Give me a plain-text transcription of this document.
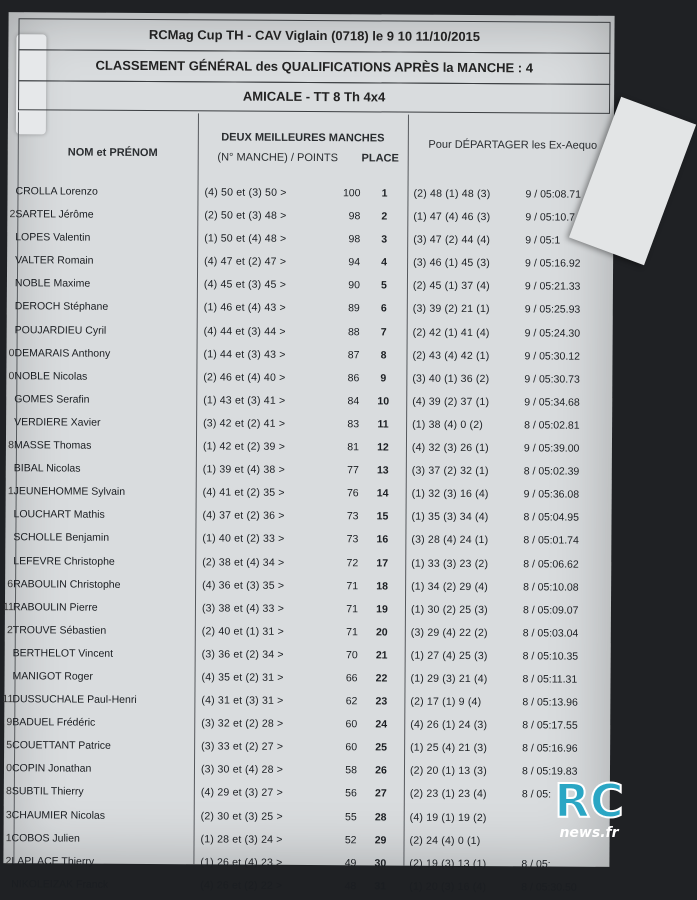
RCMag Cup TH - CAV Viglain (0718) le 9 10 11/10/2015
CLASSEMENT GÉNÉRAL des QUALIFICATIONS APRÈS la MANCHE : 4
AMICALE - TT 8 Th 4x4
NOM et PRÉNOM
DEUX MEILLEURES MANCHES
(N° MANCHE) / POINTS	PLACE
Pour DÉPARTAGER les Ex-Aequo
CROLLA Lorenzo	(4) 50 et (3) 50 >	100	1	(2) 48 (1) 48 (3)	9 / 05:08.71
2 SARTEL Jérôme	(2) 50 et (3) 48 >	98	2	(1) 47 (4) 46 (3)	9 / 05:10.7
LOPES Valentin	(1) 50 et (4) 48 >	98	3	(3) 47 (2) 44 (4)	9 / 05:1
VALTER Romain	(4) 47 et (2) 47 >	94	4	(3) 46 (1) 45 (3)	9 / 05:16.92
NOBLE Maxime	(4) 45 et (3) 45 >	90	5	(2) 45 (1) 37 (4)	9 / 05:21.33
DEROCH Stéphane	(1) 46 et (4) 43 >	89	6	(3) 39 (2) 21 (1)	9 / 05:25.93
POUJARDIEU Cyril	(4) 44 et (3) 44 >	88	7	(2) 42 (1) 41 (4)	9 / 05:24.30
0 DEMARAIS Anthony	(1) 44 et (3) 43 >	87	8	(2) 43 (4) 42 (1)	9 / 05:30.12
0 NOBLE Nicolas	(2) 46 et (4) 40 >	86	9	(3) 40 (1) 36 (2)	9 / 05:30.73
GOMES Serafin	(1) 43 et (3) 41 >	84	10	(4) 39 (2) 37 (1)	9 / 05:34.68
VERDIERE Xavier	(3) 42 et (2) 41 >	83	11	(1) 38 (4) 0 (2)	8 / 05:02.81
8 MASSE Thomas	(1) 42 et (2) 39 >	81	12	(4) 32 (3) 26 (1)	9 / 05:39.00
BIBAL Nicolas	(1) 39 et (4) 38 >	77	13	(3) 37 (2) 32 (1)	8 / 05:02.39
1 JEUNEHOMME Sylvain	(4) 41 et (2) 35 >	76	14	(1) 32 (3) 16 (4)	9 / 05:36.08
LOUCHART Mathis	(4) 37 et (2) 36 >	73	15	(1) 35 (3) 34 (4)	8 / 05:04.95
SCHOLLE Benjamin	(1) 40 et (2) 33 >	73	16	(3) 28 (4) 24 (1)	8 / 05:01.74
LEFEVRE Christophe	(2) 38 et (4) 34 >	72	17	(1) 33 (3) 23 (2)	8 / 05:06.62
6 RABOULIN Christophe	(4) 36 et (3) 35 >	71	18	(1) 34 (2) 29 (4)	8 / 05:10.08
11 RABOULIN Pierre	(3) 38 et (4) 33 >	71	19	(1) 30 (2) 25 (3)	8 / 05:09.07
2 TROUVE Sébastien	(2) 40 et (1) 31 >	71	20	(3) 29 (4) 22 (2)	8 / 05:03.04
BERTHELOT Vincent	(3) 36 et (2) 34 >	70	21	(1) 27 (4) 25 (3)	8 / 05:10.35
MANIGOT Roger	(4) 35 et (2) 31 >	66	22	(1) 29 (3) 21 (4)	8 / 05:11.31
11 DUSSUCHALE Paul-Henri	(4) 31 et (3) 31 >	62	23	(2) 17 (1) 9 (4)	8 / 05:13.96
9 BADUEL Frédéric	(3) 32 et (2) 28 >	60	24	(4) 26 (1) 24 (3)	8 / 05:17.55
5 COUETTANT Patrice	(3) 33 et (2) 27 >	60	25	(1) 25 (4) 21 (3)	8 / 05:16.96
0 COPIN Jonathan	(3) 30 et (4) 28 >	58	26	(2) 20 (1) 13 (3)	8 / 05:19.83
8 SUBTIL Thierry	(4) 29 et (3) 27 >	56	27	(2) 23 (1) 23 (4)	8 / 05:
3 CHAUMIER Nicolas	(2) 30 et (3) 25 >	55	28	(4) 19 (1) 19 (2)
1 COBOS Julien	(1) 28 et (3) 24 >	52	29	(2) 24 (4) 0 (1)
2 LAPLACE Thierry	(1) 26 et (4) 23 >	49	30	(2) 19 (3) 13 (1)	8 / 05:
NIKOLEIZAK Franck	(4) 26 et (2) 22 >	48	31	(1) 20 (3) 16 (4)	8 / 05:30.50
RC
news.fr
